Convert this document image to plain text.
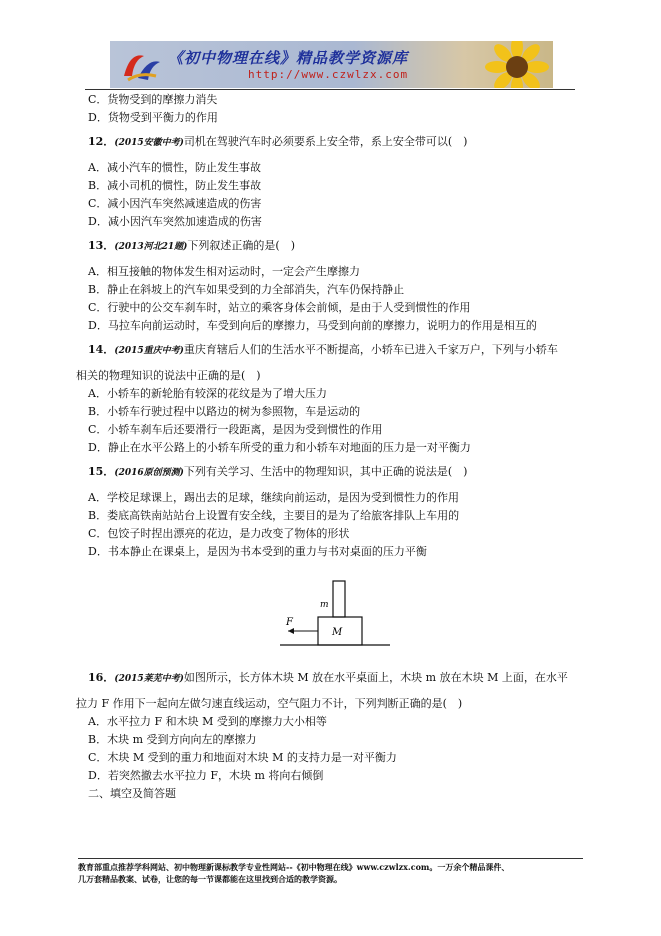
《初中物理在线》精品教学资源库
http://www.czwlzx.com
C．货物受到的摩擦力消失
D．货物受到平衡力的作用
12．(2015安徽中考)司机在驾驶汽车时必须要系上安全带，系上安全带可以(　)
A．减小汽车的惯性，防止发生事故
B．减小司机的惯性，防止发生事故
C．减小因汽车突然减速造成的伤害
D．减小因汽车突然加速造成的伤害
13．(2013河北21题)下列叙述正确的是(　)
A．相互接触的物体发生相对运动时，一定会产生摩擦力
B．静止在斜坡上的汽车如果受到的力全部消失，汽车仍保持静止
C．行驶中的公交车刹车时，站立的乘客身体会前倾，是由于人受到惯性的作用
D．马拉车向前运动时，车受到向后的摩擦力，马受到向前的摩擦力，说明力的作用是相互的
14．(2015重庆中考)重庆育辖后人们的生活水平不断提高，小轿车已进入千家万户，下列与小轿车
相关的物理知识的说法中正确的是(　)
A．小轿车的新轮胎有较深的花纹是为了增大压力
B．小轿车行驶过程中以路边的树为参照物，车是运动的
C．小轿车刹车后还要滑行一段距离，是因为受到惯性的作用
D．静止在水平公路上的小轿车所受的重力和小轿车对地面的压力是一对平衡力
15．(2016原创预测)下列有关学习、生活中的物理知识，其中正确的说法是(　)
A．学校足球课上，踢出去的足球，继续向前运动，是因为受到惯性力的作用
B．娄底高铁南站站台上设置有安全线，主要目的是为了给旅客排队上车用的
C．包饺子时捏出漂亮的花边，是力改变了物体的形状
D．书本静止在课桌上，是因为书本受到的重力与书对桌面的压力平衡
16．(2015莱芜中考)如图所示，长方体木块 M 放在水平桌面上，木块 m 放在木块 M 上面，在水平
拉力 F 作用下一起向左做匀速直线运动，空气阻力不计，下列判断正确的是(　)
A．水平拉力 F 和木块 M 受到的摩擦力大小相等
B．木块 m 受到方向向左的摩擦力
C．木块 M 受到的重力和地面对木块 M 的支持力是一对平衡力
D．若突然撤去水平拉力 F，木块 m 将向右倾倒
二、填空及简答题
F
m
M
教育部重点推荐学科网站、初中物理新课标教学专业性网站--《初中物理在线》www.czwlzx.com。一万余个精品课件、
几万套精品教案、试卷，让您的每一节课都能在这里找到合适的教学资源。
